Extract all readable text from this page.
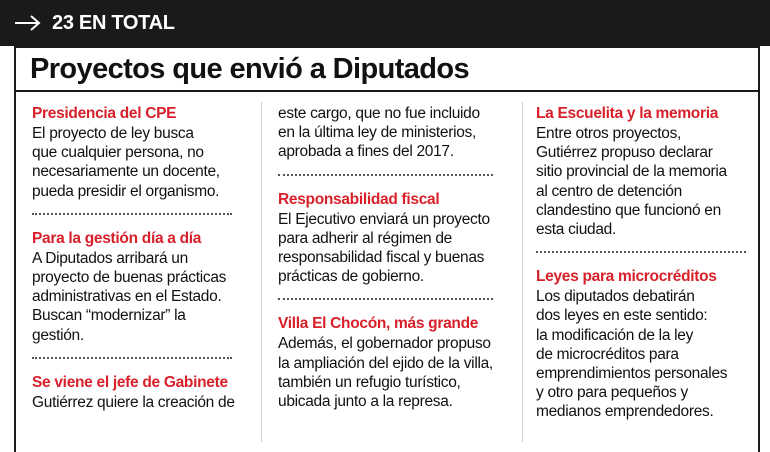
23 EN TOTAL
Proyectos que envió a Diputados

Presidencia del CPE

El proyecto de ley busca

que cualquier persona, no

necesariamente un docente,

pueda presidir el organismo.

Para la gestión día a día

A Diputados arribará un

proyecto de buenas prácticas

administrativas en el Estado.

Buscan “modernizar” la

gestión.

Se viene el jefe de Gabinete

Gutiérrez quiere la creación de

este cargo, que no fue incluido

en la última ley de ministerios,

aprobada a fines del 2017.

Responsabilidad fiscal

El Ejecutivo enviará un proyecto

para adherir al régimen de

responsabilidad fiscal y buenas

prácticas de gobierno.

Villa El Chocón, más grande

Además, el gobernador propuso

la ampliación del ejido de la villa,

también un refugio turístico,

ubicada junto a la represa.

La Escuelita y la memoria

Entre otros proyectos,

Gutiérrez propuso declarar

sitio provincial de la memoria

al centro de detención

clandestino que funcionó en

esta ciudad.

Leyes para microcréditos

Los diputados debatirán

dos leyes en este sentido:

la modificación de la ley

de microcréditos para

emprendimientos personales

y otro para pequeños y

medianos emprendedores.
